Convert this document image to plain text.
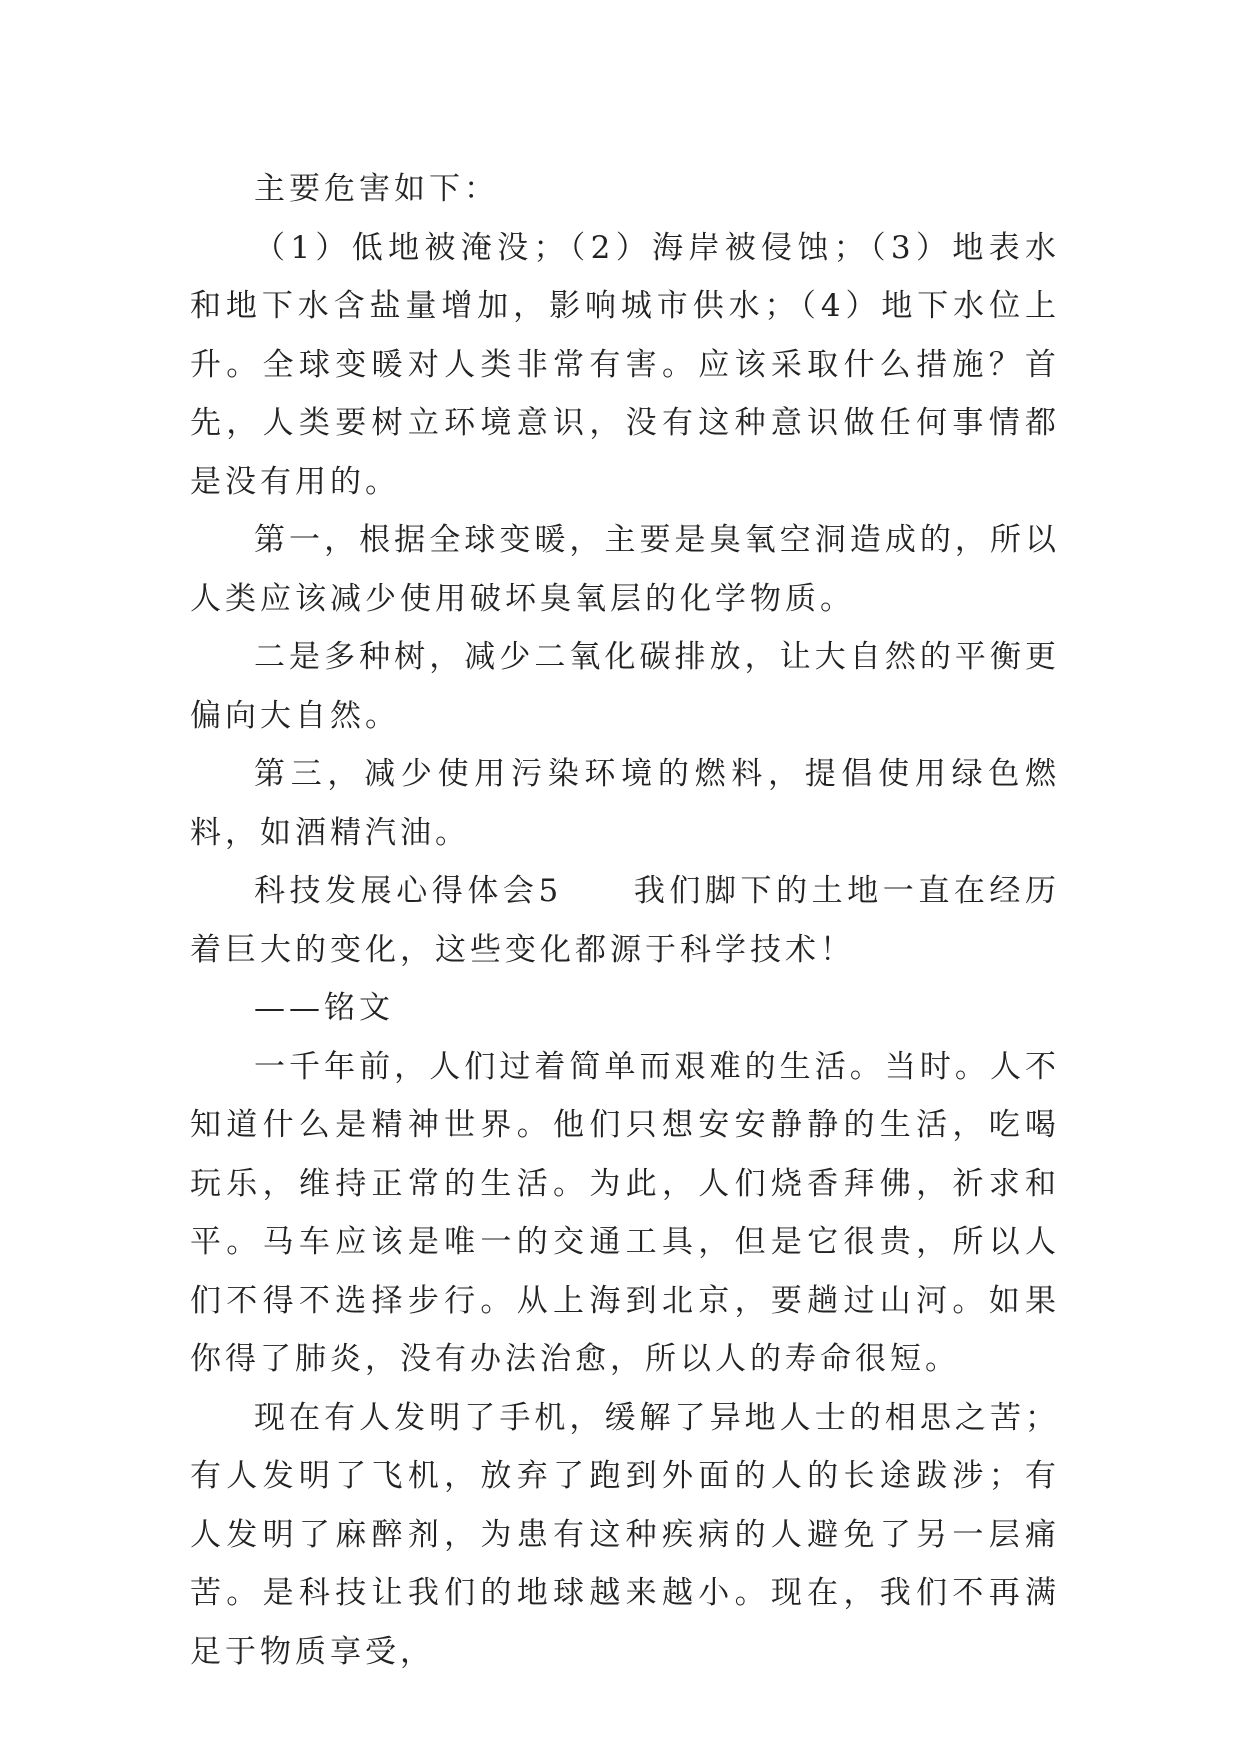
主要危害如下：

（1）低地被淹没；（2）海岸被侵蚀；（3）地表水和地下水含盐量增加，影响城市供水；（4）地下水位上升。全球变暖对人类非常有害。应该采取什么措施？首先，人类要树立环境意识，没有这种意识做任何事情都是没有用的。

第一，根据全球变暖，主要是臭氧空洞造成的，所以人类应该减少使用破坏臭氧层的化学物质。

二是多种树，减少二氧化碳排放，让大自然的平衡更偏向大自然。

第三，减少使用污染环境的燃料，提倡使用绿色燃料，如酒精汽油。

科技发展心得体会5　　我们脚下的土地一直在经历着巨大的变化，这些变化都源于科学技术！

——铭文

一千年前，人们过着简单而艰难的生活。当时。人不知道什么是精神世界。他们只想安安静静的生活，吃喝玩乐，维持正常的生活。为此，人们烧香拜佛，祈求和平。马车应该是唯一的交通工具，但是它很贵，所以人们不得不选择步行。从上海到北京，要趟过山河。如果你得了肺炎，没有办法治愈，所以人的寿命很短。

现在有人发明了手机，缓解了异地人士的相思之苦；有人发明了飞机，放弃了跑到外面的人的长途跋涉；有人发明了麻醉剂，为患有这种疾病的人避免了另一层痛苦。是科技让我们的地球越来越小。现在，我们不再满足于物质享受，
